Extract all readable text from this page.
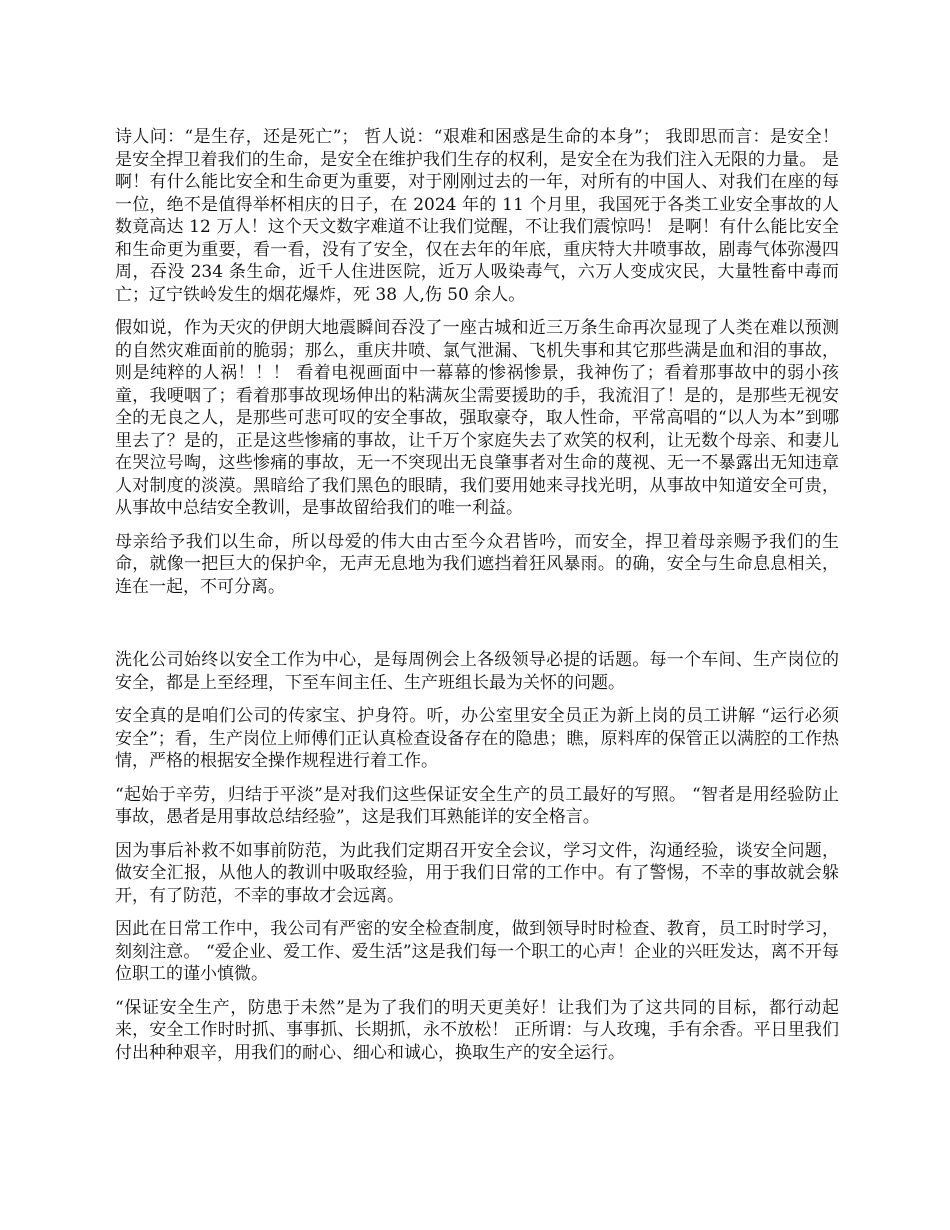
诗人问：“是生存，还是死亡”； 哲人说：“艰难和困惑是生命的本身”； 我即思而言：是安全！是安全捍卫着我们的生命，是安全在维护我们生存的权利，是安全在为我们注入无限的力量。 是啊！有什么能比安全和生命更为重要，对于刚刚过去的一年，对所有的中国人、对我们在座的每一位，绝不是值得举杯相庆的日子，在 2024 年的 11 个月里，我国死于各类工业安全事故的人数竟高达 12 万人！这个天文数字难道不让我们觉醒，不让我们震惊吗！ 是啊！有什么能比安全和生命更为重要，看一看，没有了安全，仅在去年的年底，重庆特大井喷事故，剧毒气体弥漫四周，吞没 234 条生命，近千人住进医院，近万人吸染毒气，六万人变成灾民，大量牲畜中毒而亡；辽宁铁岭发生的烟花爆炸，死 38 人,伤 50 余人。

假如说，作为天灾的伊朗大地震瞬间吞没了一座古城和近三万条生命再次显现了人类在难以预测的自然灾难面前的脆弱；那么，重庆井喷、氯气泄漏、飞机失事和其它那些满是血和泪的事故，则是纯粹的人祸！！！ 看着电视画面中一幕幕的惨祸惨景，我神伤了；看着那事故中的弱小孩童，我哽咽了；看着那事故现场伸出的粘满灰尘需要援助的手，我流泪了！是的，是那些无视安全的无良之人，是那些可悲可叹的安全事故，强取豪夺，取人性命，平常高唱的“以人为本”到哪里去了？是的，正是这些惨痛的事故，让千万个家庭失去了欢笑的权利，让无数个母亲、和妻儿在哭泣号啕，这些惨痛的事故，无一不突现出无良肇事者对生命的蔑视、无一不暴露出无知违章人对制度的淡漠。黑暗给了我们黑色的眼睛，我们要用她来寻找光明，从事故中知道安全可贵，从事故中总结安全教训，是事故留给我们的唯一利益。

母亲给予我们以生命，所以母爱的伟大由古至今众君皆吟，而安全，捍卫着母亲赐予我们的生命，就像一把巨大的保护伞，无声无息地为我们遮挡着狂风暴雨。的确，安全与生命息息相关，连在一起，不可分离。

洗化公司始终以安全工作为中心，是每周例会上各级领导必提的话题。每一个车间、生产岗位的安全，都是上至经理，下至车间主任、生产班组长最为关怀的问题。

安全真的是咱们公司的传家宝、护身符。听，办公室里安全员正为新上岗的员工讲解 “运行必须安全”；看，生产岗位上师傅们正认真检查设备存在的隐患；瞧，原料库的保管正以满腔的工作热情，严格的根据安全操作规程进行着工作。

“起始于辛劳，归结于平淡”是对我们这些保证安全生产的员工最好的写照。 “智者是用经验防止事故，愚者是用事故总结经验”，这是我们耳熟能详的安全格言。

因为事后补救不如事前防范，为此我们定期召开安全会议，学习文件，沟通经验，谈安全问题，做安全汇报，从他人的教训中吸取经验，用于我们日常的工作中。有了警惕，不幸的事故就会躲开，有了防范，不幸的事故才会远离。

因此在日常工作中，我公司有严密的安全检查制度，做到领导时时检查、教育，员工时时学习，刻刻注意。 “爱企业、爱工作、爱生活”这是我们每一个职工的心声！企业的兴旺发达，离不开每位职工的谨小慎微。

“保证安全生产，防患于未然”是为了我们的明天更美好！让我们为了这共同的目标，都行动起来，安全工作时时抓、事事抓、长期抓，永不放松！ 正所谓：与人玫瑰，手有余香。平日里我们付出种种艰辛，用我们的耐心、细心和诚心，换取生产的安全运行。
